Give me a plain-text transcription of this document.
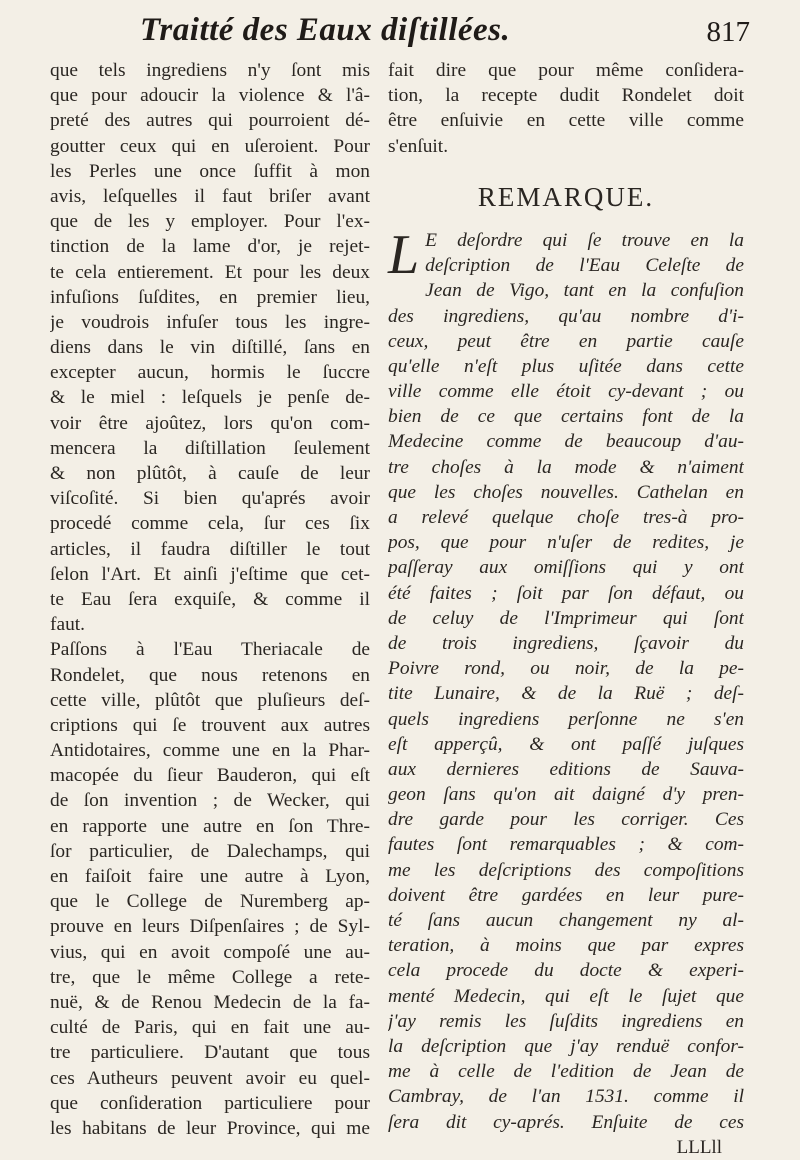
Traitté des Eaux diſtillées.	817
que tels ingrediens n'y ſont mis
que pour adoucir la violence & l'â-
preté des autres qui pourroient dé-
goutter ceux qui en uſeroient. Pour
les Perles une once ſuffit à mon
avis, leſquelles il faut briſer avant
que de les y employer. Pour l'ex-
tinction de la lame d'or, je rejet-
te cela entierement. Et pour les deux
infuſions ſuſdites, en premier lieu,
je voudrois infuſer tous les ingre-
diens dans le vin diſtillé, ſans en
excepter aucun, hormis le ſuccre
& le miel : leſquels je penſe de-
voir être ajoûtez, lors qu'on com-
mencera la diſtillation ſeulement
& non plûtôt, à cauſe de leur
viſcoſité. Si bien qu'aprés avoir
procedé comme cela, ſur ces ſix
articles, il faudra diſtiller le tout
ſelon l'Art. Et ainſi j'eſtime que cet-
te Eau ſera exquiſe, & comme il
faut.
Paſſons à l'Eau Theriacale de
Rondelet, que nous retenons en
cette ville, plûtôt que pluſieurs deſ-
criptions qui ſe trouvent aux autres
Antidotaires, comme une en la Phar-
macopée du ſieur Bauderon, qui eſt
de ſon invention ; de Wecker, qui
en rapporte une autre en ſon Thre-
ſor particulier, de Dalechamps, qui
en faiſoit faire une autre à Lyon,
que le College de Nuremberg ap-
prouve en leurs Diſpenſaires ; de Syl-
vius, qui en avoit compoſé une au-
tre, que le même College a rete-
nuë, & de Renou Medecin de la fa-
culté de Paris, qui en fait une au-
tre particuliere. D'autant que tous
ces Autheurs peuvent avoir eu quel-
que conſideration particuliere pour
les habitans de leur Province, qui me
fait dire que pour même conſidera-
tion, la recepte dudit Rondelet doit
être enſuivie en cette ville comme
s'enſuit.
REMARQUE.
L E deſordre qui ſe trouve en la
deſcription de l'Eau Celeſte de
Jean de Vigo, tant en la confuſion
des ingrediens, qu'au nombre d'i-
ceux, peut être en partie cauſe
qu'elle n'eſt plus uſitée dans cette
ville comme elle étoit cy-devant ; ou
bien de ce que certains font de la
Medecine comme de beaucoup d'au-
tre choſes à la mode & n'aiment
que les choſes nouvelles. Cathelan en
a relevé quelque choſe tres-à pro-
pos, que pour n'uſer de redites, je
paſſeray aux omiſſions qui y ont
été faites ; ſoit par ſon défaut, ou
de celuy de l'Imprimeur qui ſont
de trois ingrediens, ſçavoir du
Poivre rond, ou noir, de la pe-
tite Lunaire, & de la Ruë ; deſ-
quels ingrediens perſonne ne s'en
eſt apperçû, & ont paſſé juſques
aux dernieres editions de Sauva-
geon ſans qu'on ait daigné d'y pren-
dre garde pour les corriger. Ces
fautes ſont remarquables ; & com-
me les deſcriptions des compoſitions
doivent être gardées en leur pure-
té ſans aucun changement ny al-
teration, à moins que par expres
cela procede du docte & experi-
menté Medecin, qui eſt le ſujet que
j'ay remis les ſuſdits ingrediens en
la deſcription que j'ay renduë confor-
me à celle de l'edition de Jean de
Cambray, de l'an 1531. comme il
ſera dit cy-aprés. Enſuite de ces
LLLll
